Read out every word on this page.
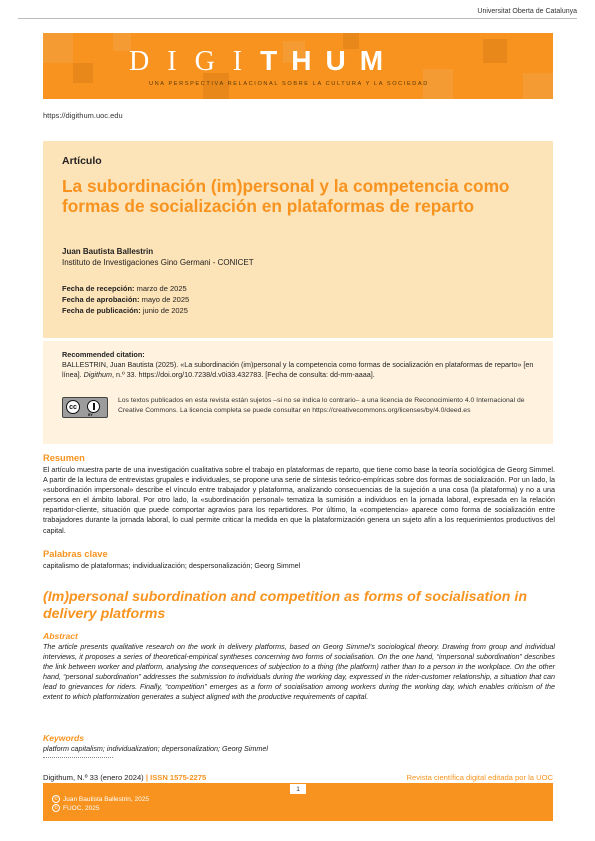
Universitat Oberta de Catalunya
DIGITHUM
UNA PERSPECTIVA RELACIONAL SOBRE LA CULTURA Y LA SOCIEDAD
https://digithum.uoc.edu
Artículo
La subordinación (im)personal y la competencia como formas de socialización en plataformas de reparto
Juan Bautista Ballestrin
Instituto de Investigaciones Gino Germani - CONICET
Fecha de recepción: marzo de 2025
Fecha de aprobación: mayo de 2025
Fecha de publicación: junio de 2025
Recommended citation:
BALLESTRIN, Juan Bautista (2025). «La subordinación (im)personal y la competencia como formas de socialización en plataformas de reparto» [en línea]. Digithum, n.º 33. https://doi.org/10.7238/d.v0i33.432783. [Fecha de consulta: dd-mm-aaaa].
cc
BY
Los textos publicados en esta revista están sujetos –si no se indica lo contrario– a una licencia de Reconocimiento 4.0 Internacional de Creative Commons. La licencia completa se puede consultar en https://creativecommons.org/licenses/by/4.0/deed.es
Resumen
El artículo muestra parte de una investigación cualitativa sobre el trabajo en plataformas de reparto, que tiene como base la teoría sociológica de Georg Simmel. A partir de la lectura de entrevistas grupales e individuales, se propone una serie de síntesis teórico-empíricas sobre dos formas de socialización. Por un lado, la «subordinación impersonal» describe el vínculo entre trabajador y plataforma, analizando consecuencias de la sujeción a una cosa (la plataforma) y no a una persona en el ámbito laboral. Por otro lado, la «subordinación personal» tematiza la sumisión a individuos en la jornada laboral, expresada en la relación repartidor-cliente, situación que puede comportar agravios para los repartidores. Por último, la «competencia» aparece como forma de socialización entre trabajadores durante la jornada laboral, lo cual permite criticar la medida en que la plataformización genera un sujeto afín a los requerimientos productivos del capital.
Palabras clave
capitalismo de plataformas; individualización; despersonalización; Georg Simmel
(Im)personal subordination and competition as forms of socialisation in delivery platforms
Abstract
The article presents qualitative research on the work in delivery platforms, based on Georg Simmel’s sociological theory. Drawing from group and individual interviews, it proposes a series of theoretical-empirical syntheses concerning two forms of socialisation. On the one hand, “impersonal subordination” describes the link between worker and platform, analysing the consequences of subjection to a thing (the platform) rather than to a person in the workplace. On the other hand, “personal subordination” addresses the submission to individuals during the working day, expressed in the rider-customer relationship, a situation that can lead to grievances for riders. Finally, “competition” emerges as a form of socialisation among workers during the working day, which enables criticism of the extent to which platformization generates a subject aligned with the productive requirements of capital.
Keywords
platform capitalism; individualization; depersonalization; Georg Simmel
Digithum, N.º 33 (enero 2024) | ISSN 1575-2275	Revista científica digital editada por la UOC
1
© Juan Bautista Ballestrin, 2025
© FUOC, 2025
